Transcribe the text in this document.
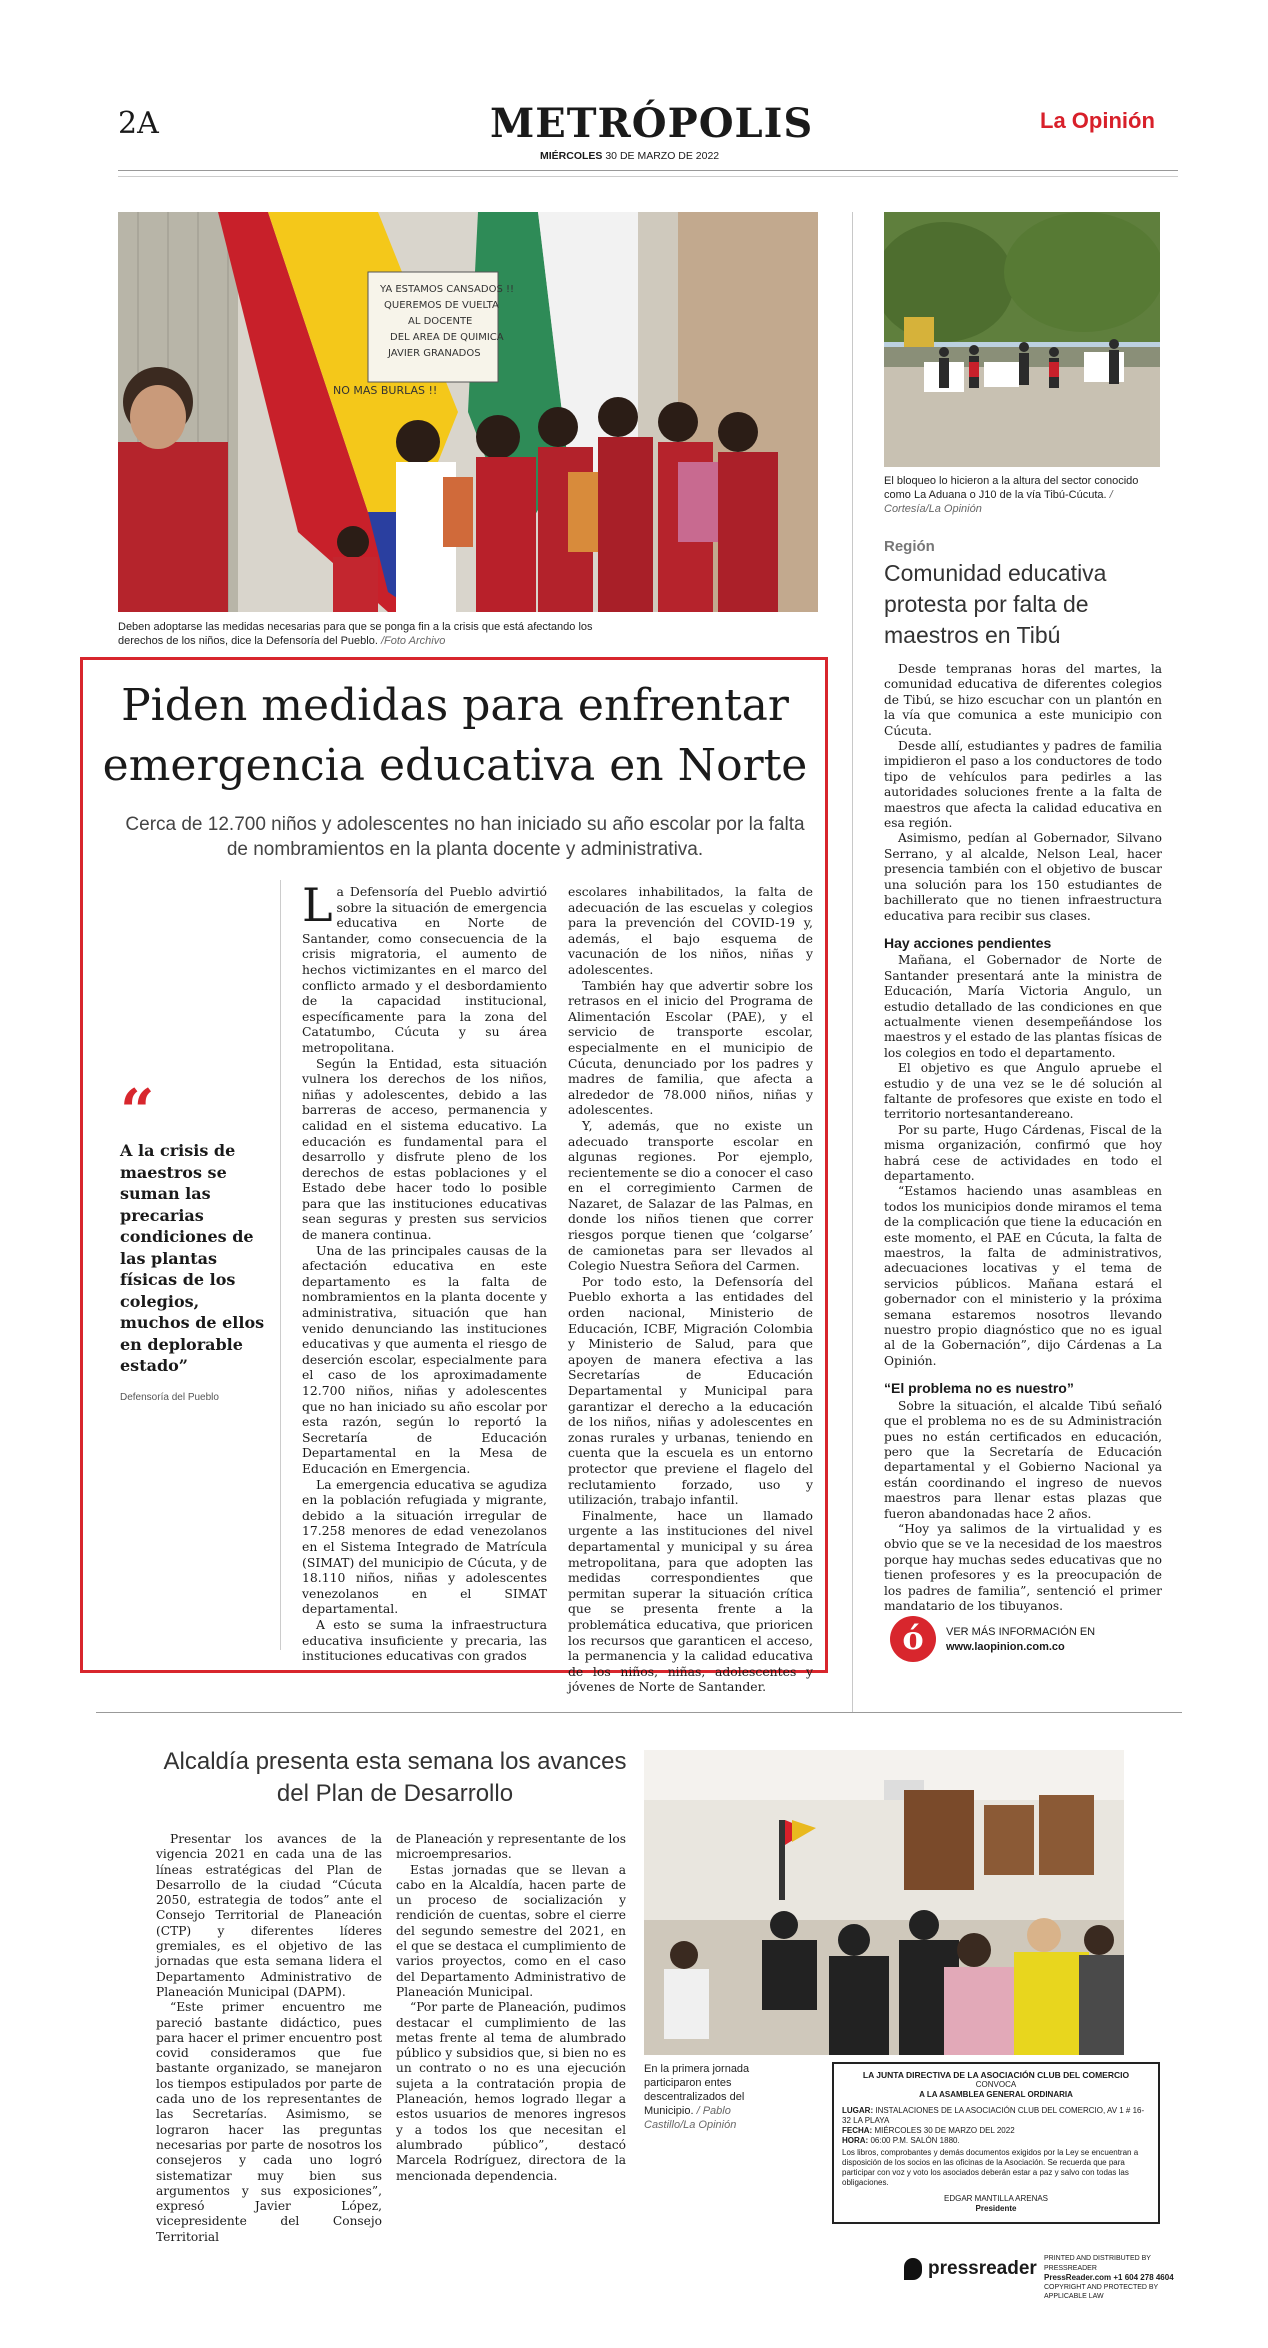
2A	METRÓPOLIS
MIÉRCOLES 30 DE MARZO DE 2022
La Opinión
YA ESTAMOS CANSADOS !!
QUEREMOS DE VUELTA
AL DOCENTE
DEL AREA DE QUIMICA
JAVIER GRANADOS
NO MAS BURLAS !!
Deben adoptarse las medidas necesarias para que se ponga fin a la crisis que está afectando los derechos de los niños, dice la Defensoría del Pueblo. /Foto Archivo
Piden medidas para enfrentar emergencia educativa en Norte
Cerca de 12.700 niños y adolescentes no han iniciado su año escolar por la falta de nombramientos en la planta docente y administrativa.
“
A la crisis de maestros se suman las precarias condiciones de las plantas físicas de los colegios, muchos de ellos en deplorable estado”
Defensoría del Pueblo

La Defensoría del Pueblo advirtió sobre la situación de emergencia educativa en Norte de Santander, como consecuencia de la crisis migratoria, el aumento de hechos victimizantes en el marco del conflicto armado y el desbordamiento de la capacidad institucional, específicamente para la zona del Catatumbo, Cúcuta y su área metropolitana.

Según la Entidad, esta situación vulnera los derechos de los niños, niñas y adolescentes, debido a las barreras de acceso, permanencia y calidad en el sistema educativo. La educación es fundamental para el desarrollo y disfrute pleno de los derechos de estas poblaciones y el Estado debe hacer todo lo posible para que las instituciones educativas sean seguras y presten sus servicios de manera continua.

Una de las principales causas de la afectación educativa en este departamento es la falta de nombramientos en la planta docente y administrativa, situación que han venido denunciando las instituciones educativas y que aumenta el riesgo de deserción escolar, especialmente para el caso de los aproximadamente 12.700 niños, niñas y adolescentes que no han iniciado su año escolar por esta razón, según lo reportó la Secretaría de Educación Departamental en la Mesa de Educación en Emergencia.

La emergencia educativa se agudiza en la población refugiada y migrante, debido a la situación irregular de 17.258 menores de edad venezolanos en el Sistema Integrado de Matrícula (SIMAT) del municipio de Cúcuta, y de 18.110 niños, niñas y adolescentes venezolanos en el SIMAT departamental.

A esto se suma la infraestructura educativa insuficiente y precaria, las instituciones educativas con grados

escolares inhabilitados, la falta de adecuación de las escuelas y colegios para la prevención del COVID-19 y, además, el bajo esquema de vacunación de los niños, niñas y adolescentes.

También hay que advertir sobre los retrasos en el inicio del Programa de Alimentación Escolar (PAE), y el servicio de transporte escolar, especialmente en el municipio de Cúcuta, denunciado por los padres y madres de familia, que afecta a alrededor de 78.000 niños, niñas y adolescentes.

Y, además, que no existe un adecuado transporte escolar en algunas regiones. Por ejemplo, recientemente se dio a conocer el caso en el corregimiento Carmen de Nazaret, de Salazar de las Palmas, en donde los niños tienen que correr riesgos porque tienen que ‘colgarse’ de camionetas para ser llevados al Colegio Nuestra Señora del Carmen.

Por todo esto, la Defensoría del Pueblo exhorta a las entidades del orden nacional, Ministerio de Educación, ICBF, Migración Colombia y Ministerio de Salud, para que apoyen de manera efectiva a las Secretarías de Educación Departamental y Municipal para garantizar el derecho a la educación de los niños, niñas y adolescentes en zonas rurales y urbanas, teniendo en cuenta que la escuela es un entorno protector que previene el flagelo del reclutamiento forzado, uso y utilización, trabajo infantil.

Finalmente, hace un llamado urgente a las instituciones del nivel departamental y municipal y su área metropolitana, para que adopten las medidas correspondientes que permitan superar la situación crítica que se presenta frente a la problemática educativa, que prioricen los recursos que garanticen el acceso, la permanencia y la calidad educativa de los niños, niñas, adolescentes y jóvenes de Norte de Santander.

El bloqueo lo hicieron a la altura del sector conocido como La Aduana o J10 de la vía Tibú-Cúcuta. / Cortesía/La Opinión
Región
Comunidad educativa protesta por falta de maestros en Tibú

Desde tempranas horas del martes, la comunidad educativa de diferentes colegios de Tibú, se hizo escuchar con un plantón en la vía que comunica a este municipio con Cúcuta.

Desde allí, estudiantes y padres de familia impidieron el paso a los conductores de todo tipo de vehículos para pedirles a las autoridades soluciones frente a la falta de maestros que afecta la calidad educativa en esa región.

Asimismo, pedían al Gobernador, Silvano Serrano, y al alcalde, Nelson Leal, hacer presencia también con el objetivo de buscar una solución para los 150 estudiantes de bachillerato que no tienen infraestructura educativa para recibir sus clases.

Hay acciones pendientes

Mañana, el Gobernador de Norte de Santander presentará ante la ministra de Educación, María Victoria Angulo, un estudio detallado de las condiciones en que actualmente vienen desempeñándose los maestros y el estado de las plantas físicas de los colegios en todo el departamento.

El objetivo es que Angulo apruebe el estudio y de una vez se le dé solución al faltante de profesores que existe en todo el territorio nortesantandereano.

Por su parte, Hugo Cárdenas, Fiscal de la misma organización, confirmó que hoy habrá cese de actividades en todo el departamento.

“Estamos haciendo unas asambleas en todos los municipios donde miramos el tema de la complicación que tiene la educación en este momento, el PAE en Cúcuta, la falta de maestros, la falta de administrativos, adecuaciones locativas y el tema de servicios públicos. Mañana estará el gobernador con el ministerio y la próxima semana estaremos nosotros llevando nuestro propio diagnóstico que no es igual al de la Gobernación”, dijo Cárdenas a La Opinión.

“El problema no es nuestro”

Sobre la situación, el alcalde Tibú señaló que el problema no es de su Administración pues no están certificados en educación, pero que la Secretaría de Educación departamental y el Gobierno Nacional ya están coordinando el ingreso de nuevos maestros para llenar estas plazas que fueron abandonadas hace 2 años.

“Hoy ya salimos de la virtualidad y es obvio que se ve la necesidad de los maestros porque hay muchas sedes educativas que no tienen profesores y es la preocupación de los padres de familia”, sentenció el primer mandatario de los tibuyanos.

ó	VER MÁS INFORMACIÓN EN
www.laopinion.com.co
Alcaldía presenta esta semana los avances del Plan de Desarrollo

Presentar los avances de la vigencia 2021 en cada una de las líneas estratégicas del Plan de Desarrollo de la ciudad “Cúcuta 2050, estrategia de todos” ante el Consejo Territorial de Planeación (CTP) y diferentes líderes gremiales, es el objetivo de las jornadas que esta semana lidera el Departamento Administrativo de Planeación Municipal (DAPM).

“Este primer encuentro me pareció bastante didáctico, pues para hacer el primer encuentro post covid consideramos que fue bastante organizado, se manejaron los tiempos estipulados por parte de cada uno de los representantes de las Secretarías. Asimismo, se lograron hacer las preguntas necesarias por parte de nosotros los consejeros y cada uno logró sistematizar muy bien sus argumentos y sus exposiciones”, expresó Javier López, vicepresidente del Consejo Territorial

de Planeación y representante de los microempresarios.

Estas jornadas que se llevan a cabo en la Alcaldía, hacen parte de un proceso de socialización y rendición de cuentas, sobre el cierre del segundo semestre del 2021, en el que se destaca el cumplimiento de varios proyectos, como en el caso del Departamento Administrativo de Planeación Municipal.

“Por parte de Planeación, pudimos destacar el cumplimiento de las metas frente al tema de alumbrado público y subsidios que, si bien no es un contrato o no es una ejecución sujeta a la contratación propia de Planeación, hemos logrado llegar a estos usuarios de menores ingresos y a todos los que necesitan el alumbrado público”, destacó Marcela Rodríguez, directora de la mencionada dependencia.

En la primera jornada participaron entes descentralizados del Municipio. / Pablo Castillo/La Opinión
LA JUNTA DIRECTIVA DE LA ASOCIACIÓN CLUB DEL COMERCIO
CONVOCA
A LA ASAMBLEA GENERAL ORDINARIA
LUGAR: INSTALACIONES DE LA ASOCIACIÓN CLUB DEL COMERCIO, AV 1 # 16-32 LA PLAYA
FECHA: MIÉRCOLES 30 DE MARZO DEL 2022
HORA: 06:00 P.M. SALÓN 1880.
Los libros, comprobantes y demás documentos exigidos por la Ley se encuentran a disposición de los socios en las oficinas de la Asociación. Se recuerda que para participar con voz y voto los asociados deberán estar a paz y salvo con todas las obligaciones.
EDGAR MANTILLA ARENAS
Presidente
pressreader PRINTED AND DISTRIBUTED BY PRESSREADER
PressReader.com +1 604 278 4604
COPYRIGHT AND PROTECTED BY APPLICABLE LAW
